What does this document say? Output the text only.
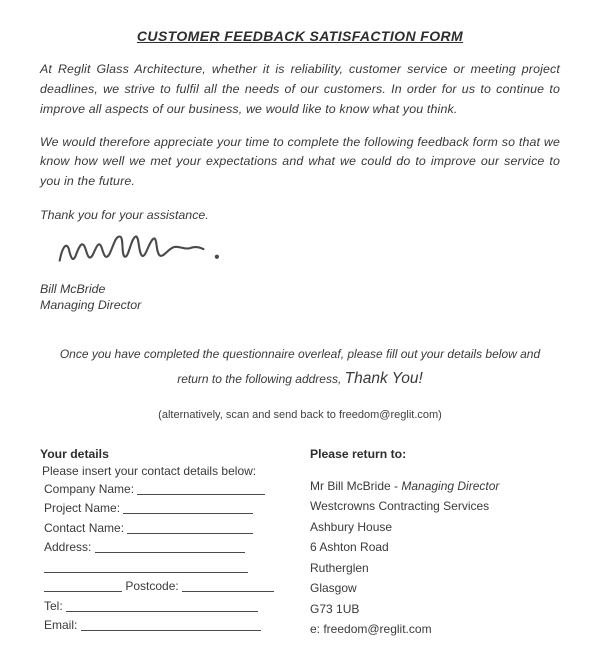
CUSTOMER FEEDBACK SATISFACTION FORM

At Reglit Glass Architecture, whether it is reliability, customer service or meeting project deadlines, we strive to fulfil all the needs of our customers. In order for us to continue to improve all aspects of our business, we would like to know what you think.

We would therefore appreciate your time to complete the following feedback form so that we know how well we met your expectations and what we could do to improve our service to you in the future.

Thank you for your assistance.
Bill McBride
Managing Director
Once you have completed the questionnaire overleaf, please fill out your details below and return to the following address, Thank You!
(alternatively, scan and send back to freedom@reglit.com)
Your details
Please insert your contact details below:
Company Name:
Project Name:
Contact Name:
Address:
Postcode:
Tel:
Email:
Please return to:
Mr Bill McBride - Managing Director
Westcrowns Contracting Services
Ashbury House
6 Ashton Road
Rutherglen
Glasgow
G73 1UB
e: freedom@reglit.com
